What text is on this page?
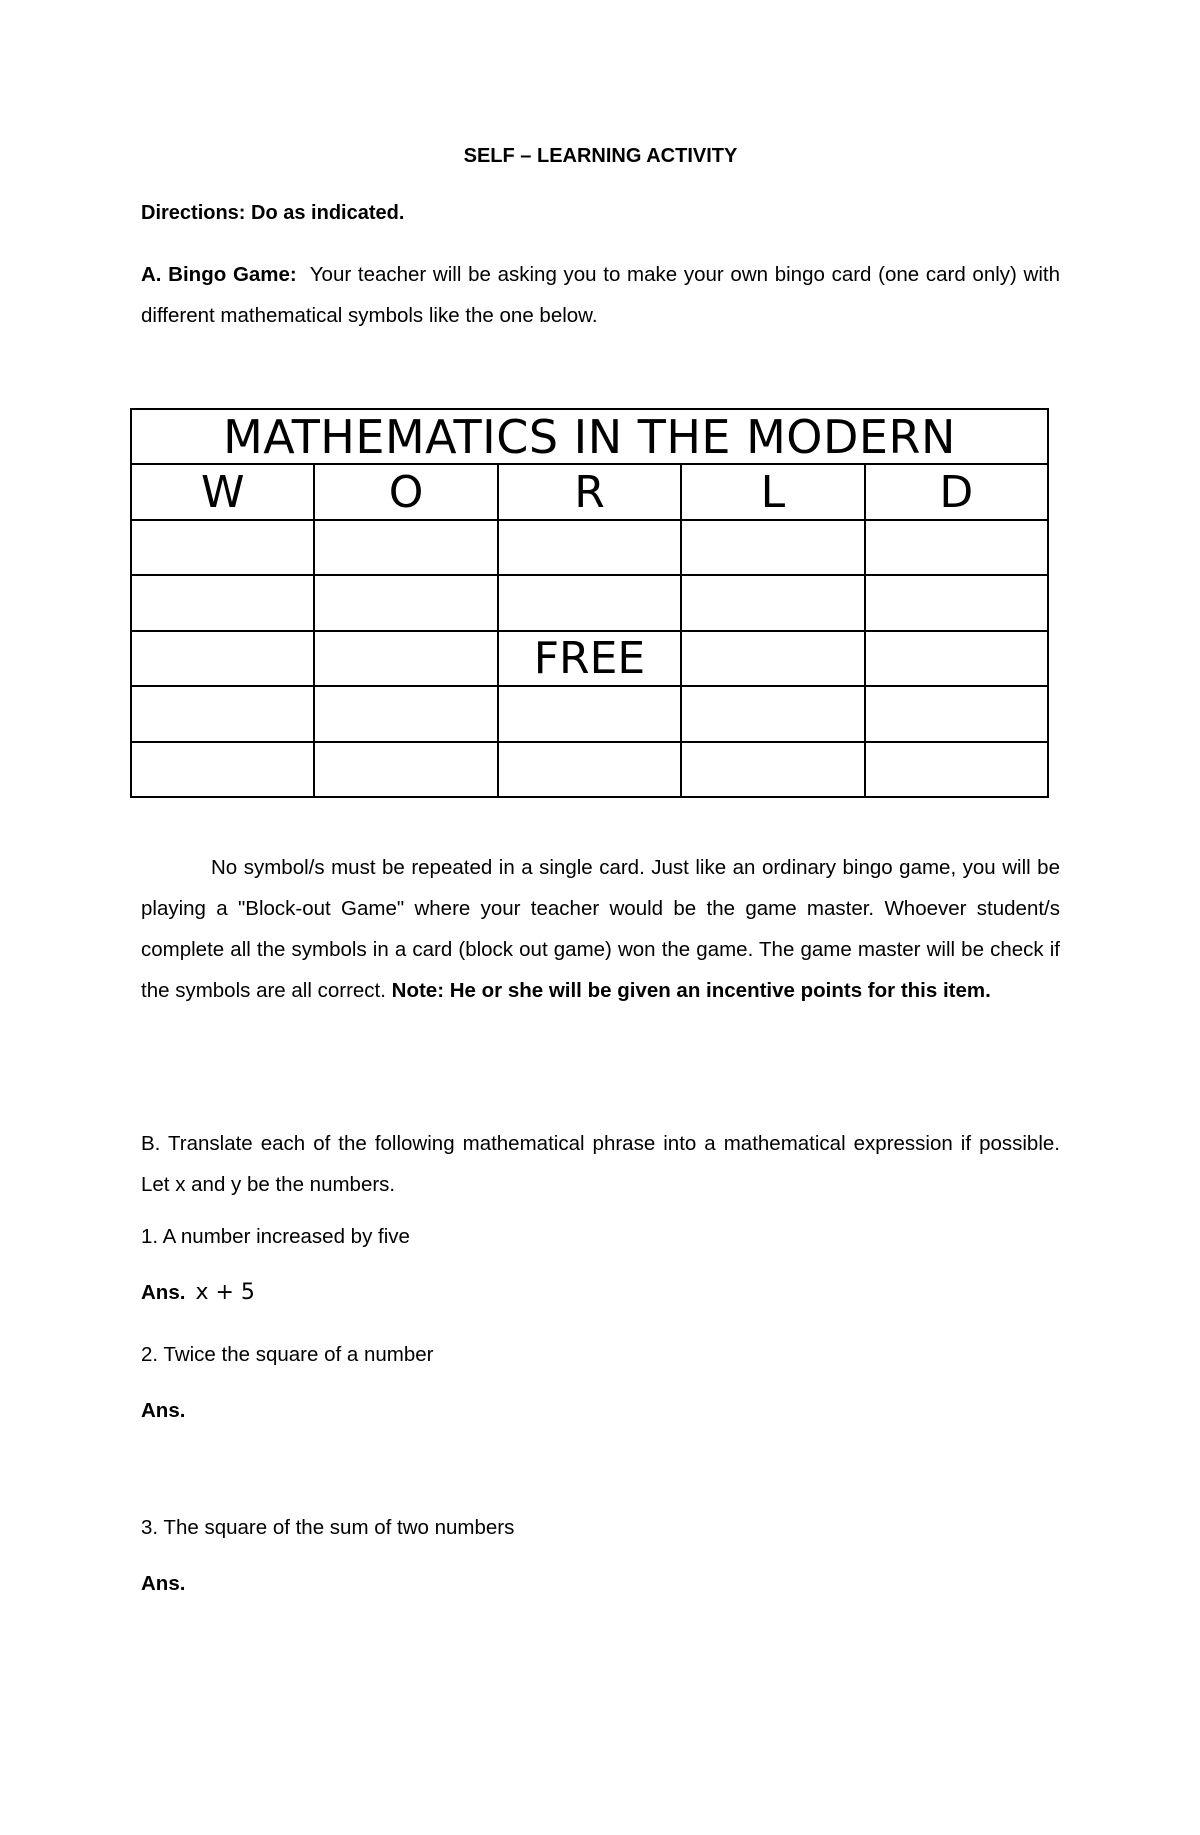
SELF – LEARNING ACTIVITY
Directions: Do as indicated.
A. Bingo Game: Your teacher will be asking you to make your own bingo card (one card only) with different mathematical symbols like the one below.
MATHEMATICS IN THE MODERN				
W	O	R	L	D

		FREE		

No symbol/s must be repeated in a single card. Just like an ordinary bingo game, you will be playing a "Block-out Game" where your teacher would be the game master. Whoever student/s complete all the symbols in a card (block out game) won the game. The game master will be check if the symbols are all correct. Note: He or she will be given an incentive points for this item.
B. Translate each of the following mathematical phrase into a mathematical expression if possible. Let x and y be the numbers.
1. A number increased by five
Ans. x + 5
2. Twice the square of a number
Ans.
3. The square of the sum of two numbers
Ans.
